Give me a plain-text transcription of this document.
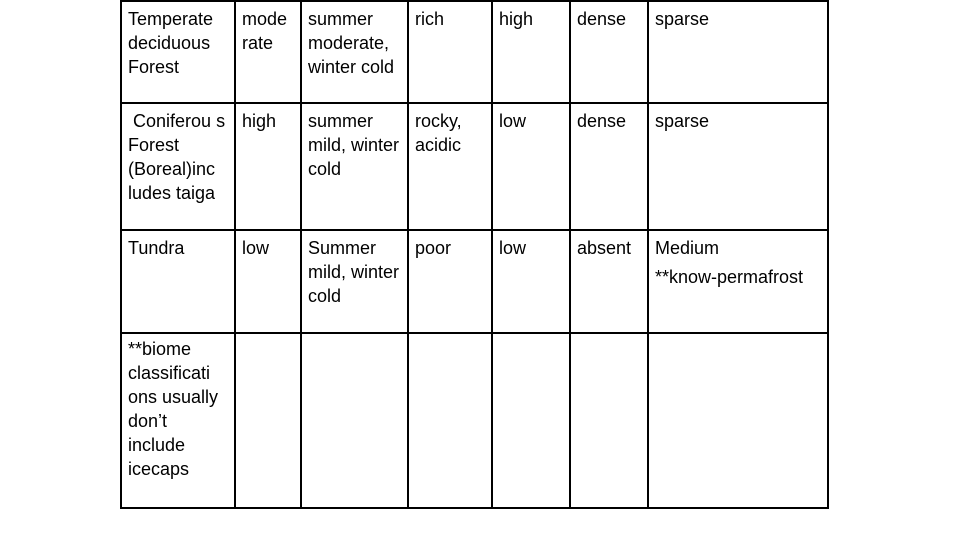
Temperate deciduous Forest	mode rate	summer moderate, winter cold	rich	high	dense	sparse

Coniferou s Forest (Boreal)inc ludes taiga	high	summer mild, winter cold	rocky, acidic	low	dense	sparse

Tundra	low	Summer mild, winter cold	poor	low	absent	Medium
**know-permafrost

**biome classificati ons usually don’t include icecaps						
